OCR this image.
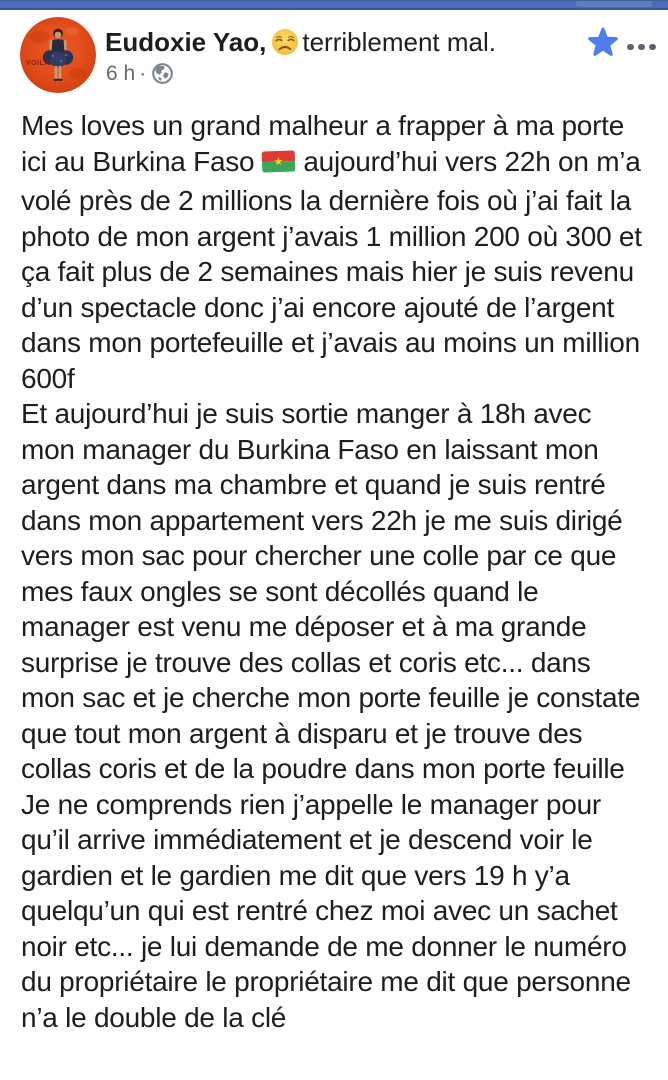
VOILA
Eudoxie Yao, terriblement mal.
6 h ·

Mes loves un grand malheur a frapper à ma porte ici au Burkina Faso aujourd’hui vers 22h on m’a volé près de 2 millions la dernière fois où j’ai fait la photo de mon argent j’avais 1 million 200 où 300 et ça fait plus de 2 semaines mais hier je suis revenu d’un spectacle donc j’ai encore ajouté de l’argent dans mon portefeuille et j’avais au moins un million 600f

Et aujourd’hui je suis sortie manger à 18h avec mon manager du Burkina Faso en laissant mon argent dans ma chambre et quand je suis rentré dans mon appartement vers 22h je me suis dirigé vers mon sac pour chercher une colle par ce que mes faux ongles se sont décollés quand le manager est venu me déposer et à ma grande surprise je trouve des collas et coris etc... dans mon sac et je cherche mon porte feuille je constate que tout mon argent à disparu et je trouve des collas coris et de la poudre dans mon porte feuille

Je ne comprends rien j’appelle le manager pour qu’il arrive immédiatement et je descend voir le gardien et le gardien me dit que vers 19 h y’a quelqu’un qui est rentré chez moi avec un sachet noir etc... je lui demande de me donner le numéro du propriétaire le propriétaire me dit que personne n’a le double de la clé
